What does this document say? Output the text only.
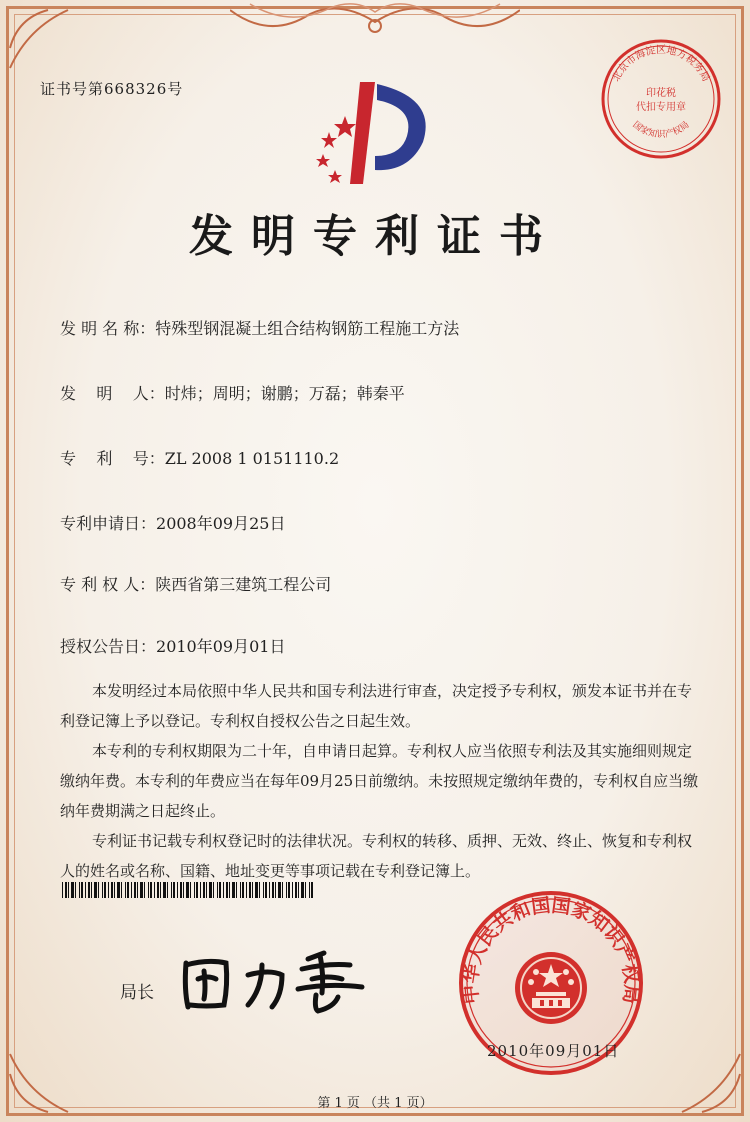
证书号第668326号
发明专利证书
发 明 名 称：特殊型钢混凝土组合结构钢筋工程施工方法
发    明    人：时炜；周明；谢鹏；万磊；韩秦平
专    利    号：ZL 2008 1 0151110.2
专利申请日：2008年09月25日
专 利 权 人：陕西省第三建筑工程公司
授权公告日：2010年09月01日

本发明经过本局依照中华人民共和国专利法进行审查，决定授予专利权，颁发本证书并在专利登记簿上予以登记。专利权自授权公告之日起生效。

本专利的专利权期限为二十年，自申请日起算。专利权人应当依照专利法及其实施细则规定缴纳年费。本专利的年费应当在每年09月25日前缴纳。未按照规定缴纳年费的，专利权自应当缴纳年费期满之日起终止。

专利证书记载专利权登记时的法律状况。专利权的转移、质押、无效、终止、恢复和专利权人的姓名或名称、国籍、地址变更等事项记载在专利登记簿上。

局长
北京市海淀区地方税务局
印花税
代扣专用章
国家知识产权局
中华人民共和国国家知识产权局
2010年09月01日
第 1 页 （共 1 页）
